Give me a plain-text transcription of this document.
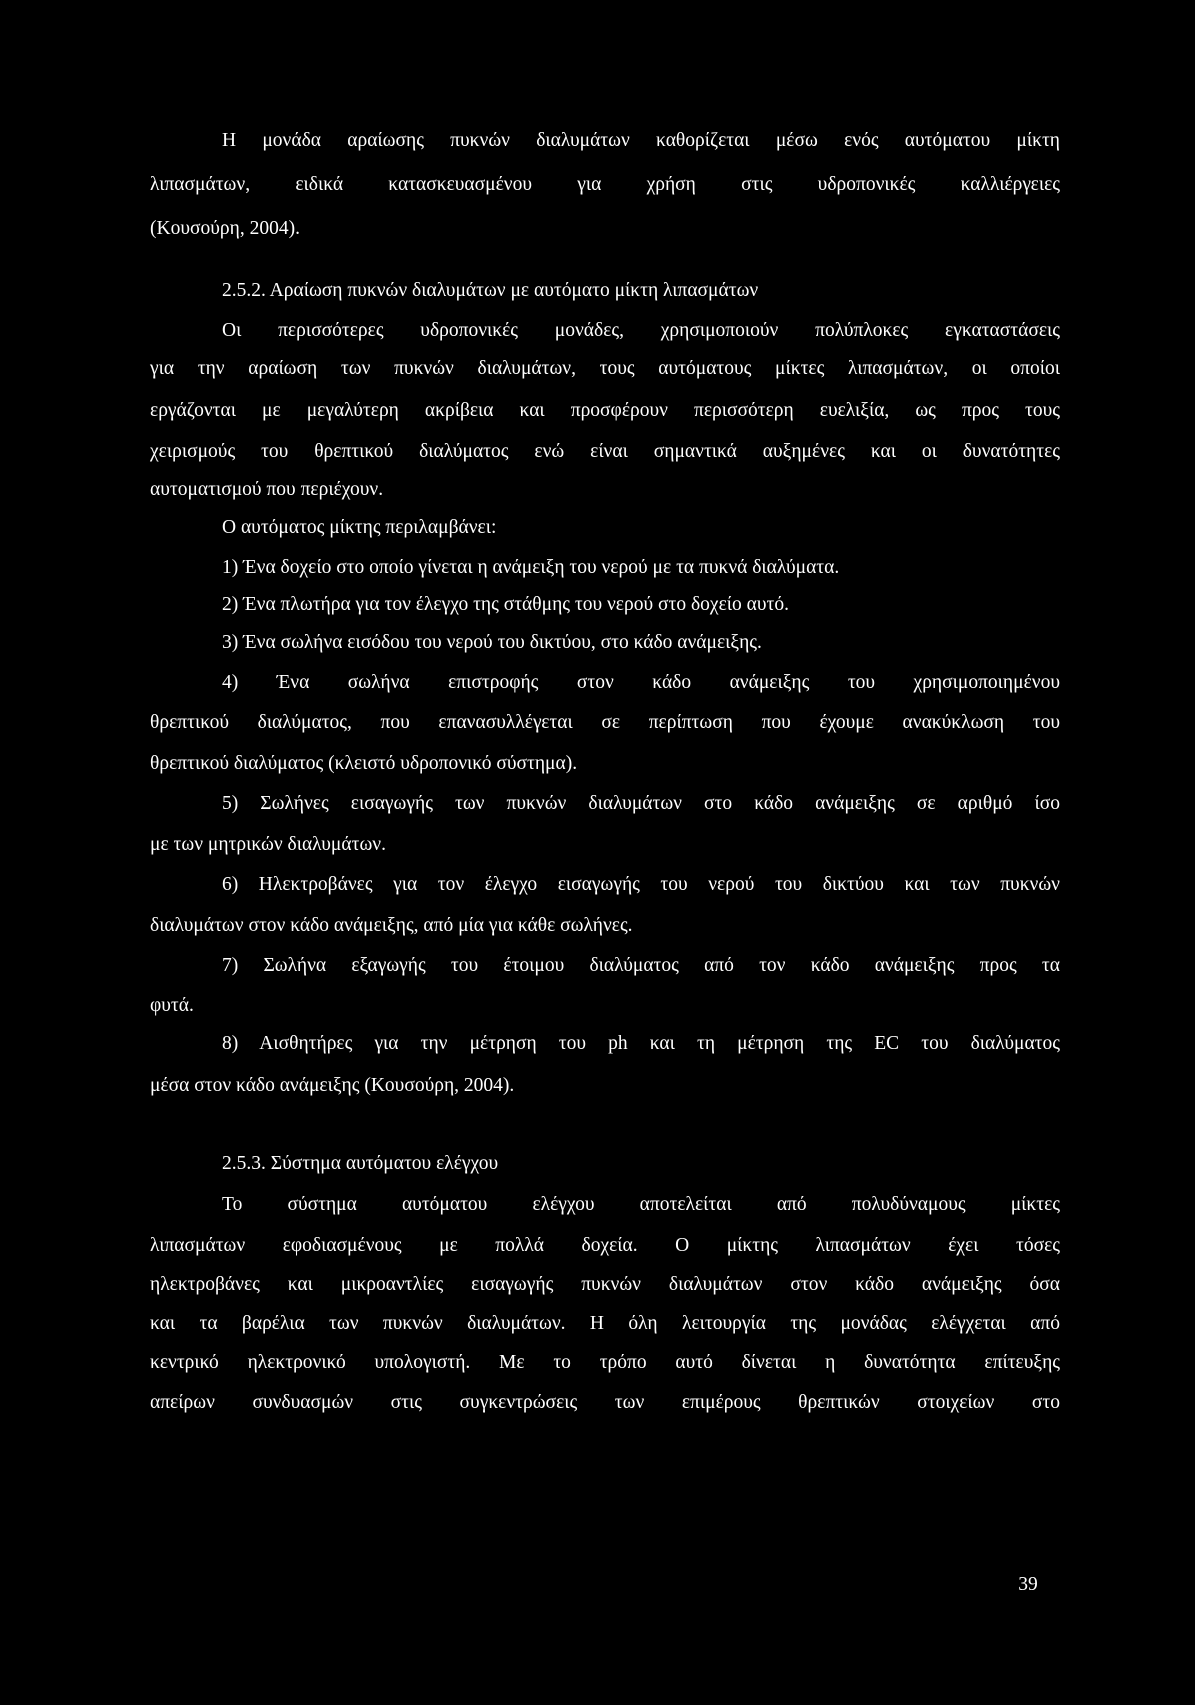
Η μονάδα αραίωσης πυκνών διαλυμάτων καθορίζεται μέσω ενός αυτόματου μίκτη
λιπασμάτων, ειδικά κατασκευασμένου για χρήση στις υδροπονικές καλλιέργειες
(Κουσούρη, 2004).
2.5.2. Αραίωση πυκνών διαλυμάτων με αυτόματο μίκτη λιπασμάτων
Οι περισσότερες υδροπονικές μονάδες, χρησιμοποιούν πολύπλοκες εγκαταστάσεις
για την αραίωση των πυκνών διαλυμάτων, τους αυτόματους μίκτες λιπασμάτων, οι οποίοι
εργάζονται με μεγαλύτερη ακρίβεια και προσφέρουν περισσότερη ευελιξία, ως προς τους
χειρισμούς του θρεπτικού διαλύματος ενώ είναι σημαντικά αυξημένες και οι δυνατότητες
αυτοματισμού που περιέχουν.
Ο αυτόματος μίκτης περιλαμβάνει:
1) Ένα δοχείο στο οποίο γίνεται η ανάμειξη του νερού με τα πυκνά διαλύματα.
2) Ένα πλωτήρα για τον έλεγχο της στάθμης του νερού στο δοχείο αυτό.
3) Ένα σωλήνα εισόδου του νερού του δικτύου, στο κάδο ανάμειξης.
4) Ένα σωλήνα επιστροφής στον κάδο ανάμειξης του χρησιμοποιημένου
θρεπτικού διαλύματος, που επανασυλλέγεται σε περίπτωση που έχουμε ανακύκλωση του
θρεπτικού διαλύματος (κλειστό υδροπονικό σύστημα).
5) Σωλήνες εισαγωγής των πυκνών διαλυμάτων στο κάδο ανάμειξης σε αριθμό ίσο
με των μητρικών διαλυμάτων.
6) Ηλεκτροβάνες για τον έλεγχο εισαγωγής του νερού του δικτύου και των πυκνών
διαλυμάτων στον κάδο ανάμειξης, από μία για κάθε σωλήνες.
7) Σωλήνα εξαγωγής του έτοιμου διαλύματος από τον κάδο ανάμειξης προς τα
φυτά.
8) Αισθητήρες για την μέτρηση του ph και τη μέτρηση της EC του διαλύματος
μέσα στον κάδο ανάμειξης (Κουσούρη, 2004).
2.5.3. Σύστημα αυτόματου ελέγχου
Το σύστημα αυτόματου ελέγχου αποτελείται από πολυδύναμους μίκτες
λιπασμάτων εφοδιασμένους με πολλά δοχεία. Ο μίκτης λιπασμάτων έχει τόσες
ηλεκτροβάνες και μικροαντλίες εισαγωγής πυκνών διαλυμάτων στον κάδο ανάμειξης όσα
και τα βαρέλια των πυκνών διαλυμάτων. Η όλη λειτουργία της μονάδας ελέγχεται από
κεντρικό ηλεκτρονικό υπολογιστή. Με το τρόπο αυτό δίνεται η δυνατότητα επίτευξης
απείρων συνδυασμών στις συγκεντρώσεις των επιμέρους θρεπτικών στοιχείων στο
39
